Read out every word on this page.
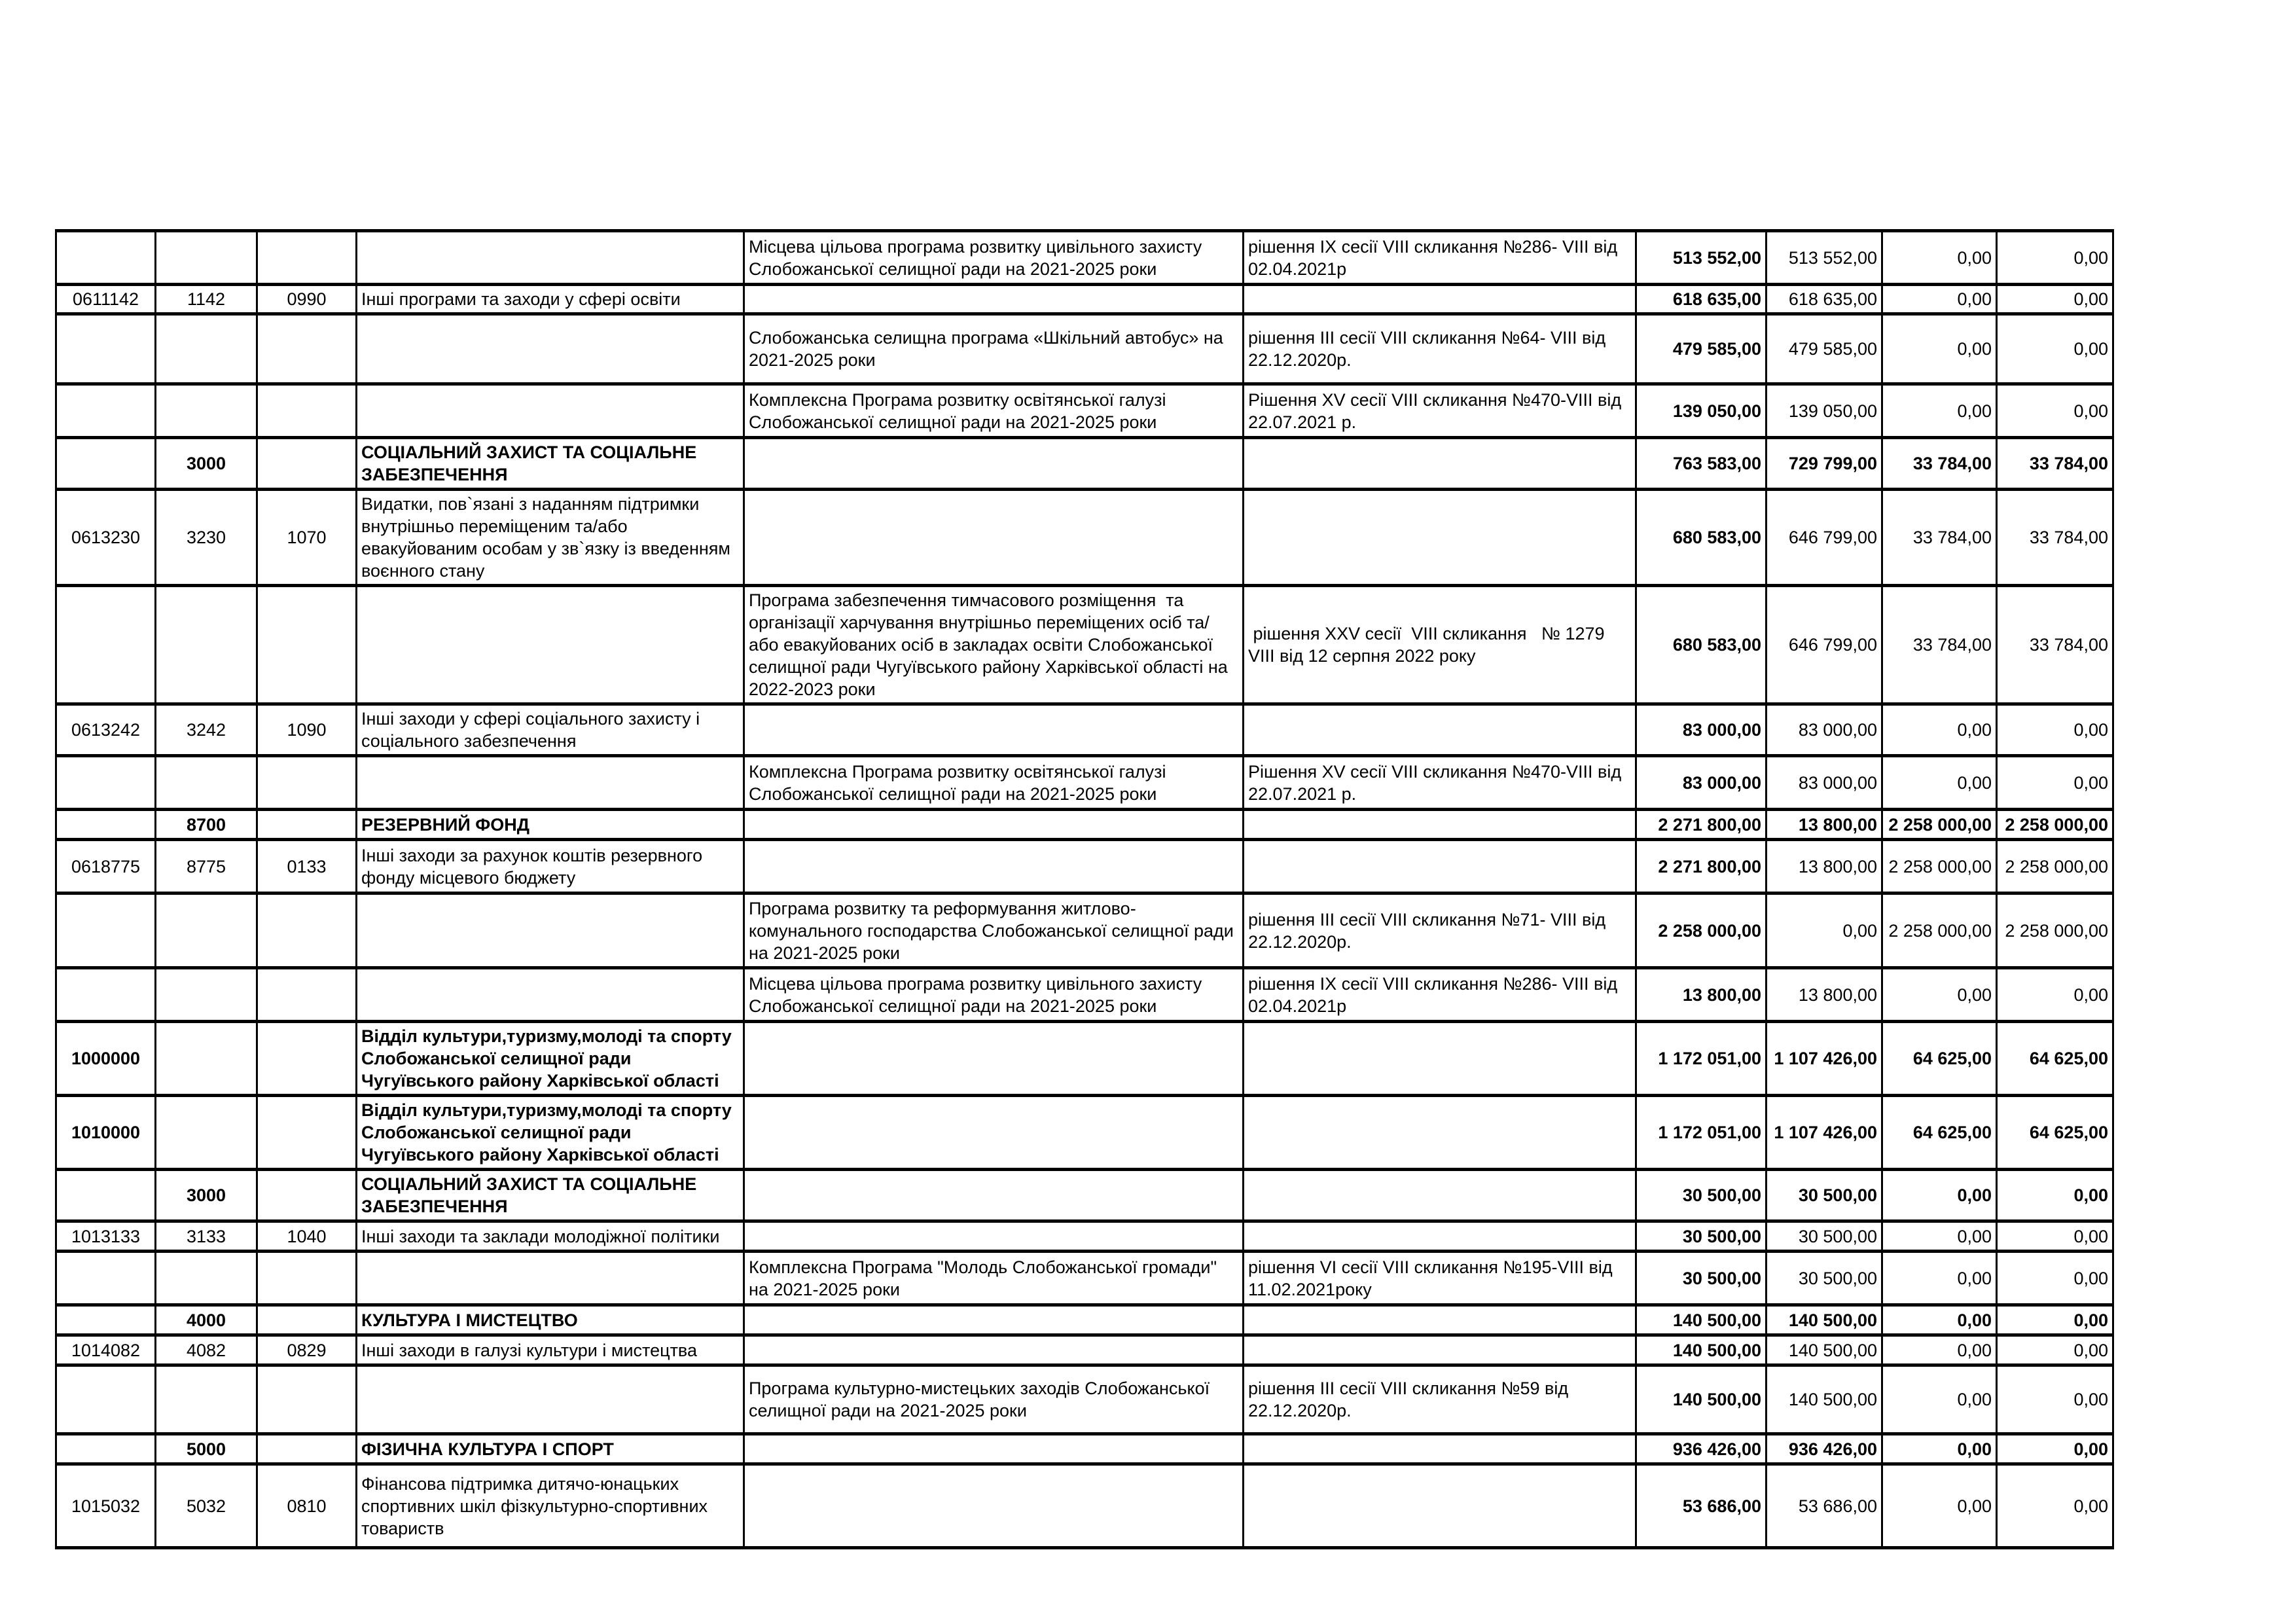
				Місцева цільова програма розвитку цивільного захисту Слобожанської селищної ради на 2021-2025 роки	рішення IX сесії VIII скликання №286- VIII від 02.04.2021р	513 552,00	513 552,00	0,00	0,00
0611142	1142	0990	Інші програми та заходи у сфері освіти			618 635,00	618 635,00	0,00	0,00
				Слобожанська селищна програма «Шкільний автобус» на 2021-2025 роки	рішення III сесії VIII скликання №64- VIII від 22.12.2020р.	479 585,00	479 585,00	0,00	0,00
				Комплексна Програма розвитку освітянської галузі Слобожанської селищної ради на 2021-2025 роки	Рішення XV сесії VIII скликання №470-VIII від 22.07.2021 р.	139 050,00	139 050,00	0,00	0,00
	3000		СОЦІАЛЬНИЙ ЗАХИСТ ТА СОЦІАЛЬНЕ ЗАБЕЗПЕЧЕННЯ			763 583,00	729 799,00	33 784,00	33 784,00
0613230	3230	1070	Видатки, пов`язані з наданням підтримки внутрішньо переміщеним та/або евакуйованим особам у зв`язку із введенням воєнного стану			680 583,00	646 799,00	33 784,00	33 784,00
				Програма забезпечення тимчасового розміщення  та організації харчування внутрішньо переміщених осіб та/або евакуйованих осіб в закладах освіти Слобожанської селищної ради Чугуївського району Харківської області на 2022-2023 роки	рішення XXV сесії  VIII скликання   № 1279   VIII від 12 серпня 2022 року	680 583,00	646 799,00	33 784,00	33 784,00
0613242	3242	1090	Інші заходи у сфері соціального захисту і соціального забезпечення			83 000,00	83 000,00	0,00	0,00
				Комплексна Програма розвитку освітянської галузі Слобожанської селищної ради на 2021-2025 роки	Рішення XV сесії VIII скликання №470-VIII від 22.07.2021 р.	83 000,00	83 000,00	0,00	0,00
	8700		РЕЗЕРВНИЙ ФОНД			2 271 800,00	13 800,00	2 258 000,00	2 258 000,00
0618775	8775	0133	Інші заходи за рахунок коштів резервного фонду місцевого бюджету			2 271 800,00	13 800,00	2 258 000,00	2 258 000,00
				Програма розвитку та реформування житлово-комунального господарства Слобожанської селищної ради на 2021-2025 роки	рішення III сесії VIII скликання №71- VIII від 22.12.2020р.	2 258 000,00	0,00	2 258 000,00	2 258 000,00
				Місцева цільова програма розвитку цивільного захисту Слобожанської селищної ради на 2021-2025 роки	рішення IX сесії VIII скликання №286- VIII від 02.04.2021р	13 800,00	13 800,00	0,00	0,00
1000000			Відділ культури,туризму,молоді та спорту Слобожанської селищної ради Чугуївського району Харківської області			1 172 051,00	1 107 426,00	64 625,00	64 625,00
1010000			Відділ культури,туризму,молоді та спорту Слобожанської селищної ради Чугуївського району Харківської області			1 172 051,00	1 107 426,00	64 625,00	64 625,00
	3000		СОЦІАЛЬНИЙ ЗАХИСТ ТА СОЦІАЛЬНЕ ЗАБЕЗПЕЧЕННЯ			30 500,00	30 500,00	0,00	0,00
1013133	3133	1040	Інші заходи та заклади молодіжної політики			30 500,00	30 500,00	0,00	0,00
				Комплексна Програма "Молодь Слобожанської громади" на 2021-2025 роки	рішення VI сесії VIII скликання №195-VIII від 11.02.2021року	30 500,00	30 500,00	0,00	0,00
	4000		КУЛЬТУРА І МИСТЕЦТВО			140 500,00	140 500,00	0,00	0,00
1014082	4082	0829	Інші заходи в галузі культури і мистецтва			140 500,00	140 500,00	0,00	0,00
				Програма культурно-мистецьких заходів Слобожанської селищної ради на 2021-2025 роки	рішення III сесії VIII скликання №59 від 22.12.2020р.	140 500,00	140 500,00	0,00	0,00
	5000		ФІЗИЧНА КУЛЬТУРА І СПОРТ			936 426,00	936 426,00	0,00	0,00
1015032	5032	0810	Фінансова підтримка дитячо-юнацьких спортивних шкіл фізкультурно-спортивних товариств			53 686,00	53 686,00	0,00	0,00
